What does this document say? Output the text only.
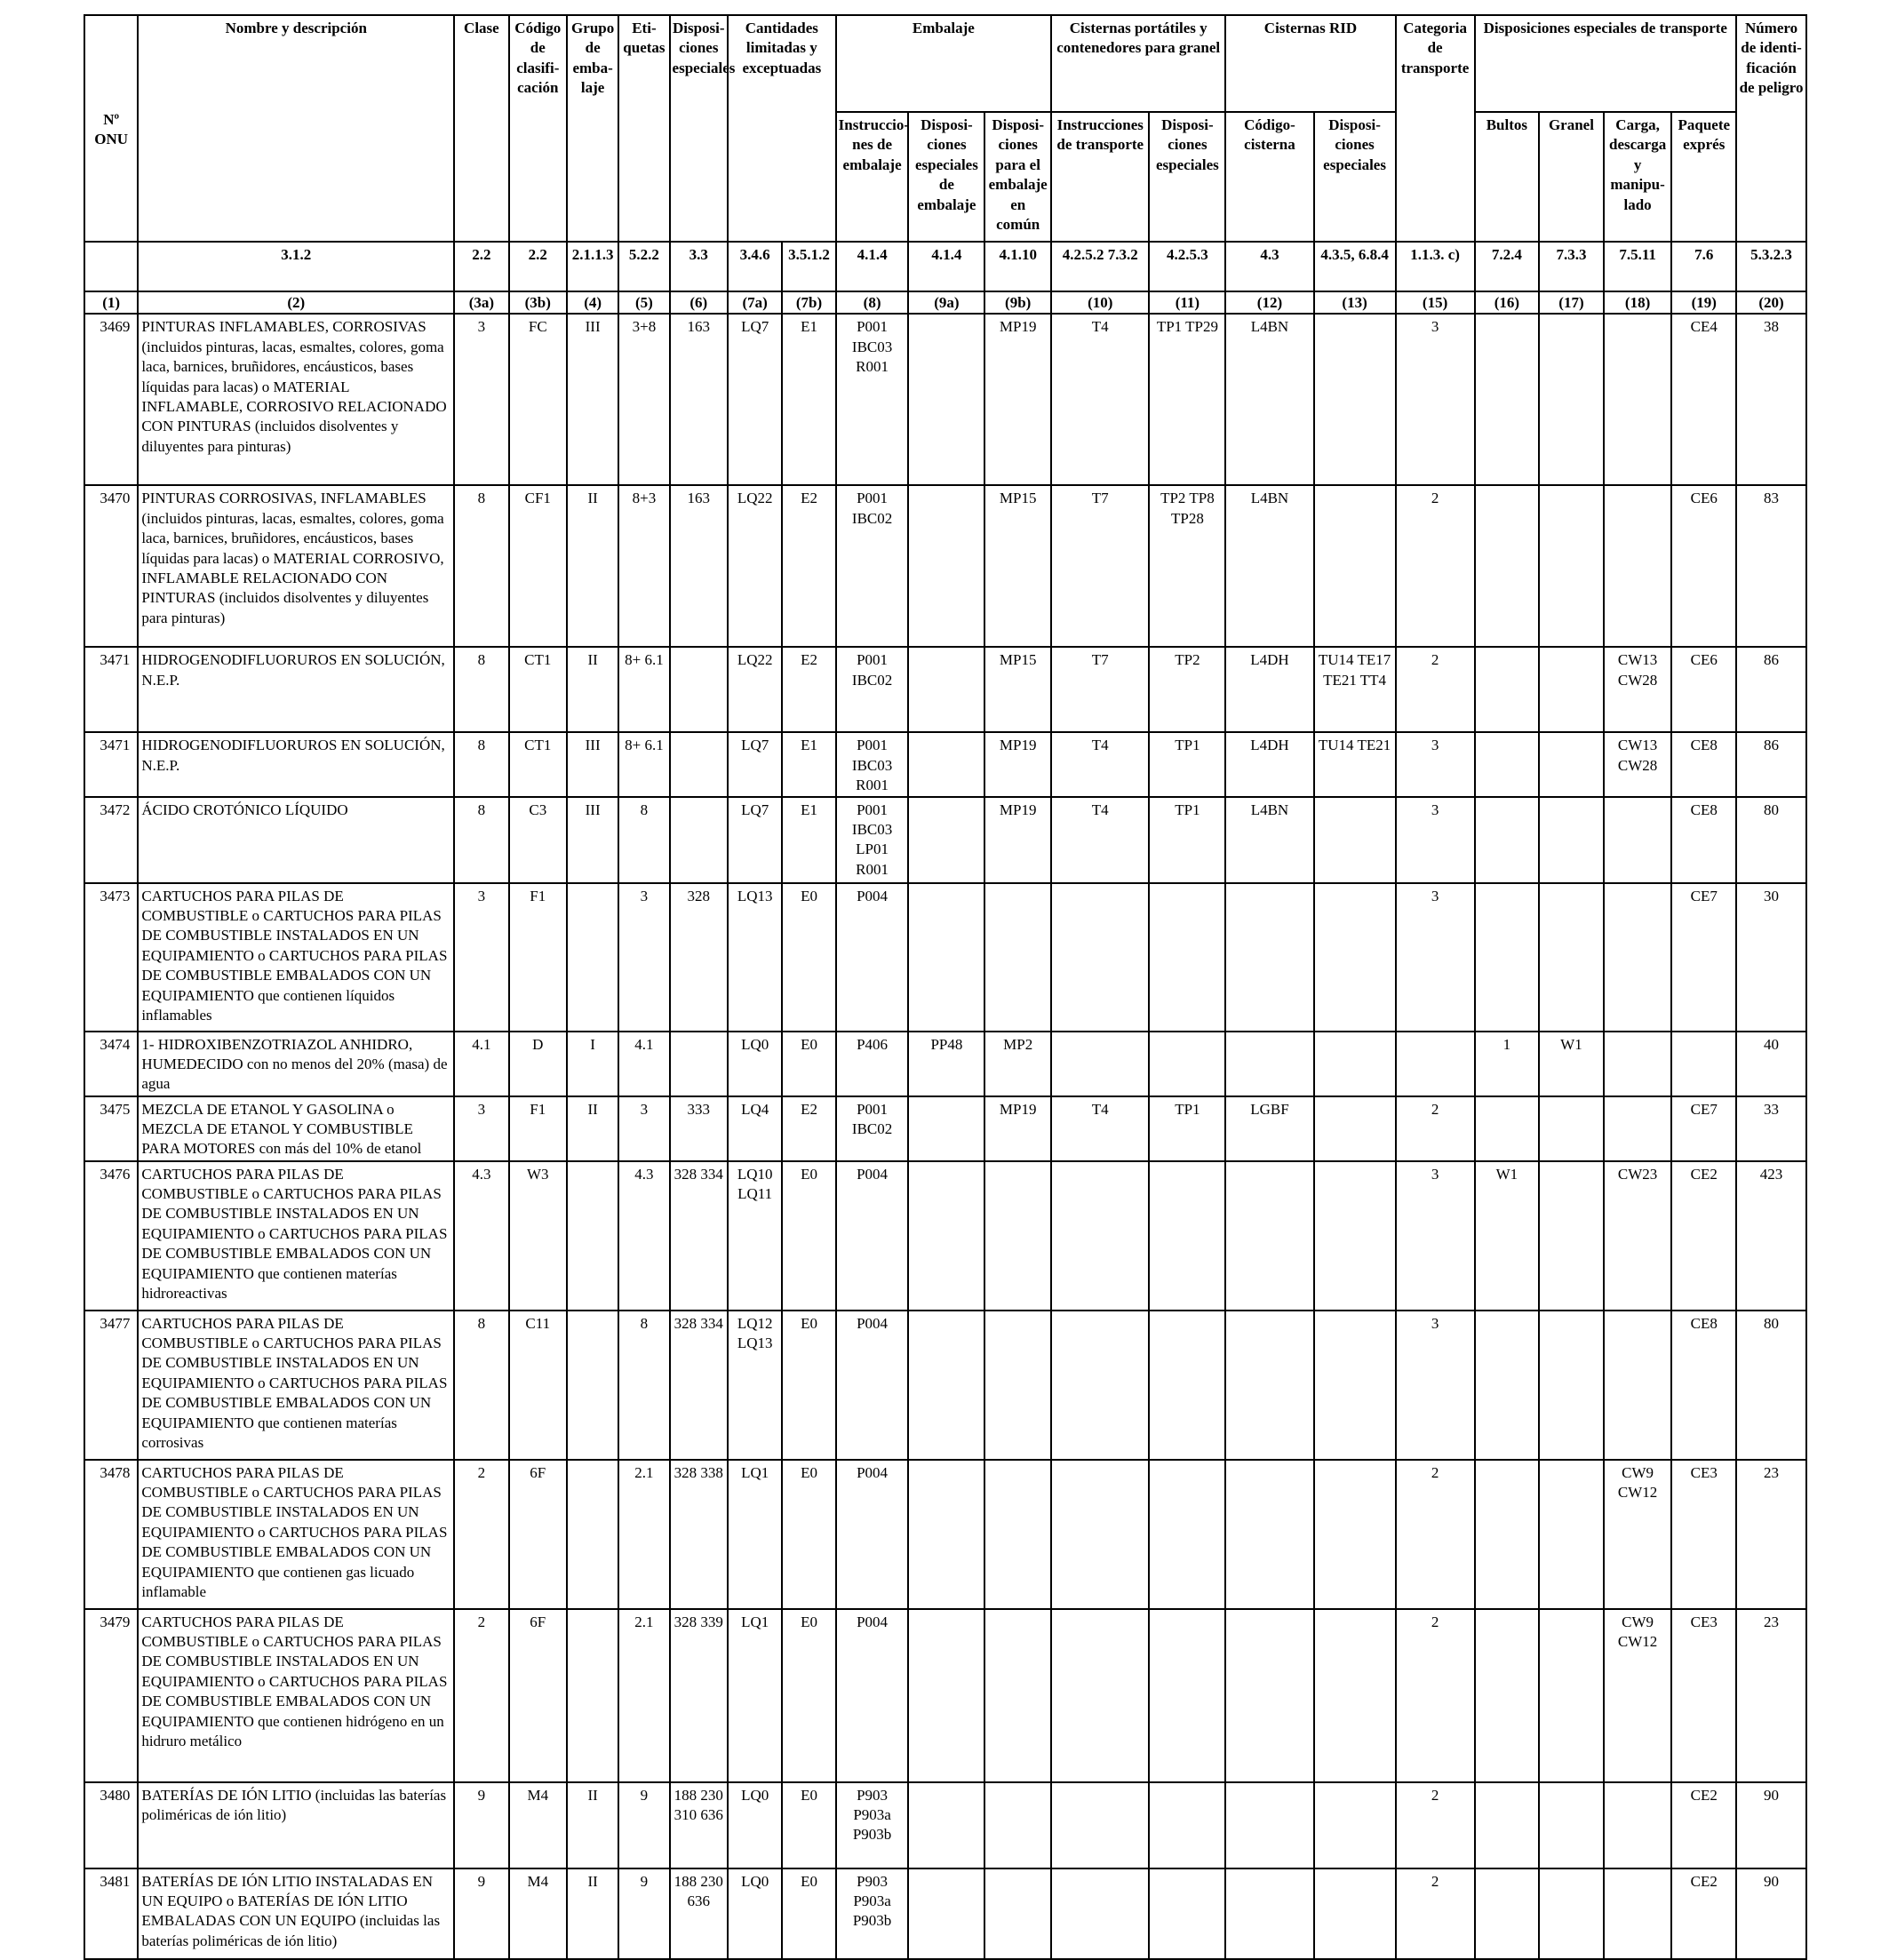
Nº ONU	Nombre y descripción	Clase	Código de clasifi- cación	Grupo de emba- laje	Eti- quetas	Disposi- ciones especiales	Cantidades limitadas y exceptuadas		Embalaje			Cisternas portátiles y contenedores para granel		Cisternas RID		Categoria de transporte	Disposiciones especiales de transporte				Número de identi- ficación de peligro
									Instruccio- nes de embalaje	Disposi- ciones especiales de embalaje	Disposi- ciones para el embalaje en común	Instrucciones de transporte	Disposi- ciones especiales	Código- cisterna	Disposi- ciones especiales		Bultos	Granel	Carga, descarga y manipu- lado	Paquete exprés	
	3.1.2	2.2	2.2	2.1.1.3	5.2.2	3.3	3.4.6	3.5.1.2	4.1.4	4.1.4	4.1.10	4.2.5.2 7.3.2	4.2.5.3	4.3	4.3.5, 6.8.4	1.1.3. c)	7.2.4	7.3.3	7.5.11	7.6	5.3.2.3
(1)	(2)	(3a)	(3b)	(4)	(5)	(6)	(7a)	(7b)	(8)	(9a)	(9b)	(10)	(11)	(12)	(13)	(15)	(16)	(17)	(18)	(19)	(20)
3469	PINTURAS INFLAMABLES, CORROSIVAS (incluidos pinturas, lacas, esmaltes, colores, goma laca, barnices, bruñidores, encáusticos, bases líquidas para lacas) o MATERIAL INFLAMABLE, CORROSIVO RELACIONADO CON PINTURAS (incluidos disolventes y diluyentes para pinturas)	3	FC	III	3+8	163	LQ7	E1	P001 IBC03 R001		MP19	T4	TP1 TP29	L4BN		3				CE4	38
3470	PINTURAS CORROSIVAS, INFLAMABLES (incluidos pinturas, lacas, esmaltes, colores, goma laca, barnices, bruñidores, encáusticos, bases líquidas para lacas) o MATERIAL CORROSIVO, INFLAMABLE RELACIONADO CON PINTURAS (incluidos disolventes y diluyentes para pinturas)	8	CF1	II	8+3	163	LQ22	E2	P001 IBC02		MP15	T7	TP2 TP8 TP28	L4BN		2				CE6	83
3471	HIDROGENODIFLUORUROS EN SOLUCIÓN, N.E.P.	8	CT1	II	8+ 6.1		LQ22	E2	P001 IBC02		MP15	T7	TP2	L4DH	TU14 TE17 TE21 TT4	2			CW13 CW28	CE6	86
3471	HIDROGENODIFLUORUROS EN SOLUCIÓN, N.E.P.	8	CT1	III	8+ 6.1		LQ7	E1	P001 IBC03 R001		MP19	T4	TP1	L4DH	TU14 TE21	3			CW13 CW28	CE8	86
3472	ÁCIDO CROTÓNICO LÍQUIDO	8	C3	III	8		LQ7	E1	P001 IBC03 LP01 R001		MP19	T4	TP1	L4BN		3				CE8	80
3473	CARTUCHOS PARA PILAS DE COMBUSTIBLE o CARTUCHOS PARA PILAS DE COMBUSTIBLE INSTALADOS EN UN EQUIPAMIENTO o CARTUCHOS PARA PILAS DE COMBUSTIBLE EMBALADOS CON UN EQUIPAMIENTO que contienen líquidos inflamables	3	F1		3	328	LQ13	E0	P004							3				CE7	30
3474	1- HIDROXIBENZOTRIAZOL ANHIDRO, HUMEDECIDO con no menos del 20% (masa) de agua	4.1	D	I	4.1		LQ0	E0	P406	PP48	MP2						1	W1			40
3475	MEZCLA DE ETANOL Y GASOLINA o MEZCLA DE ETANOL Y COMBUSTIBLE PARA MOTORES con más del 10% de etanol	3	F1	II	3	333	LQ4	E2	P001 IBC02		MP19	T4	TP1	LGBF		2				CE7	33
3476	CARTUCHOS PARA PILAS DE COMBUSTIBLE o CARTUCHOS PARA PILAS DE COMBUSTIBLE INSTALADOS EN UN EQUIPAMIENTO o CARTUCHOS PARA PILAS DE COMBUSTIBLE EMBALADOS CON UN EQUIPAMIENTO que contienen materías hidroreactivas	4.3	W3		4.3	328 334	LQ10 LQ11	E0	P004							3	W1		CW23	CE2	423
3477	CARTUCHOS PARA PILAS DE COMBUSTIBLE o CARTUCHOS PARA PILAS DE COMBUSTIBLE INSTALADOS EN UN EQUIPAMIENTO o CARTUCHOS PARA PILAS DE COMBUSTIBLE EMBALADOS CON UN EQUIPAMIENTO que contienen materías corrosivas	8	C11		8	328 334	LQ12 LQ13	E0	P004							3				CE8	80
3478	CARTUCHOS PARA PILAS DE COMBUSTIBLE o CARTUCHOS PARA PILAS DE COMBUSTIBLE INSTALADOS EN UN EQUIPAMIENTO o CARTUCHOS PARA PILAS DE COMBUSTIBLE EMBALADOS CON UN EQUIPAMIENTO que contienen gas licuado inflamable	2	6F		2.1	328 338	LQ1	E0	P004							2			CW9 CW12	CE3	23
3479	CARTUCHOS PARA PILAS DE COMBUSTIBLE o CARTUCHOS PARA PILAS DE COMBUSTIBLE INSTALADOS EN UN EQUIPAMIENTO o CARTUCHOS PARA PILAS DE COMBUSTIBLE EMBALADOS CON UN EQUIPAMIENTO que contienen hidrógeno en un hidruro metálico	2	6F		2.1	328 339	LQ1	E0	P004							2			CW9 CW12	CE3	23
3480	BATERÍAS DE IÓN LITIO (incluidas las baterías poliméricas de ión litio)	9	M4	II	9	188 230 310 636	LQ0	E0	P903 P903a P903b							2				CE2	90
3481	BATERÍAS DE IÓN LITIO INSTALADAS EN UN EQUIPO o BATERÍAS DE IÓN LITIO EMBALADAS CON UN EQUIPO (incluidas las baterías poliméricas de ión litio)	9	M4	II	9	188 230 636	LQ0	E0	P903 P903a P903b							2				CE2	90
